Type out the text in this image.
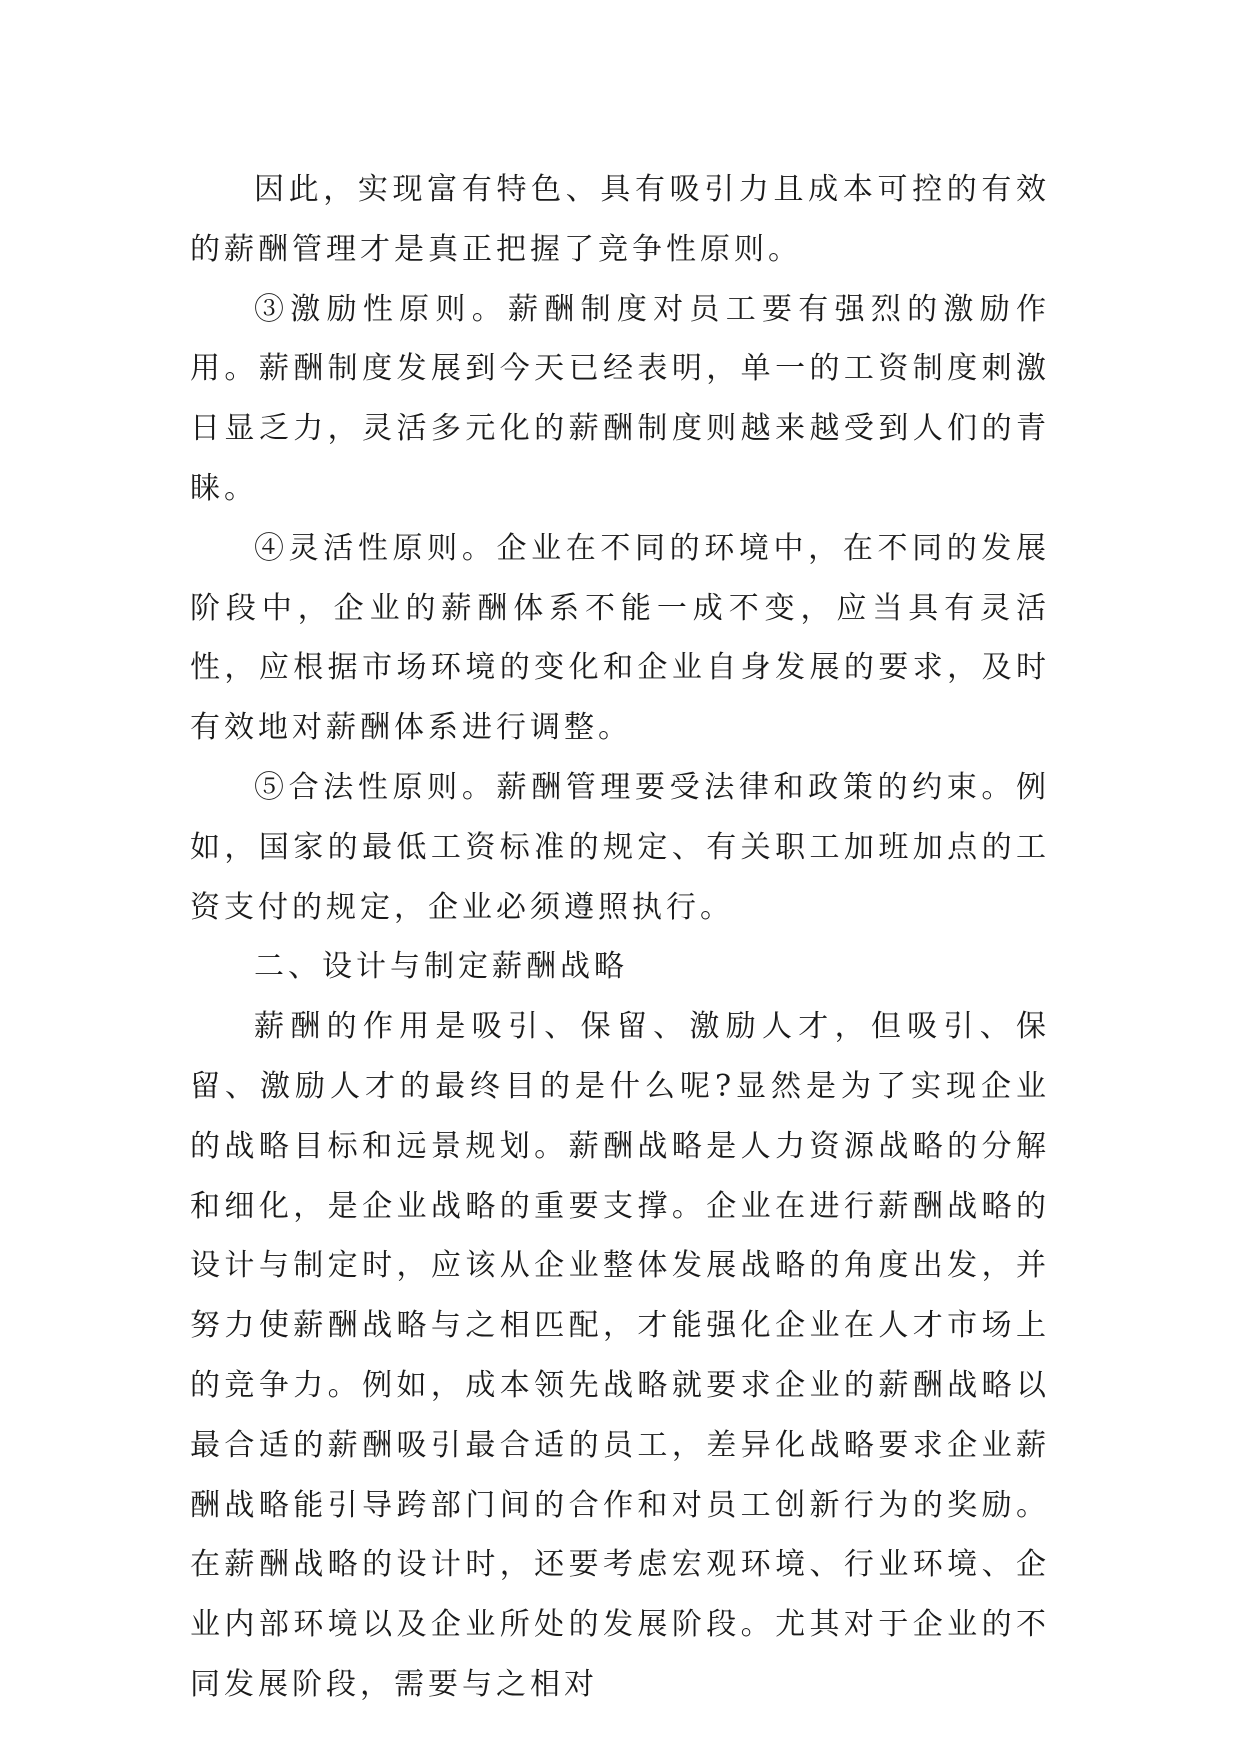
因此，实现富有特色、具有吸引力且成本可控的有效的薪酬管理才是真正把握了竞争性原则。

③激励性原则。薪酬制度对员工要有强烈的激励作用。薪酬制度发展到今天已经表明，单一的工资制度刺激日显乏力，灵活多元化的薪酬制度则越来越受到人们的青睐。

④灵活性原则。企业在不同的环境中，在不同的发展阶段中，企业的薪酬体系不能一成不变，应当具有灵活性，应根据市场环境的变化和企业自身发展的要求，及时有效地对薪酬体系进行调整。

⑤合法性原则。薪酬管理要受法律和政策的约束。例如，国家的最低工资标准的规定、有关职工加班加点的工资支付的规定，企业必须遵照执行。

二、设计与制定薪酬战略

薪酬的作用是吸引、保留、激励人才，但吸引、保留、激励人才的最终目的是什么呢?显然是为了实现企业的战略目标和远景规划。薪酬战略是人力资源战略的分解和细化，是企业战略的重要支撑。企业在进行薪酬战略的设计与制定时，应该从企业整体发展战略的角度出发，并努力使薪酬战略与之相匹配，才能强化企业在人才市场上的竞争力。例如，成本领先战略就要求企业的薪酬战略以最合适的薪酬吸引最合适的员工，差异化战略要求企业薪酬战略能引导跨部门间的合作和对员工创新行为的奖励。在薪酬战略的设计时，还要考虑宏观环境、行业环境、企业内部环境以及企业所处的发展阶段。尤其对于企业的不同发展阶段，需要与之相对
